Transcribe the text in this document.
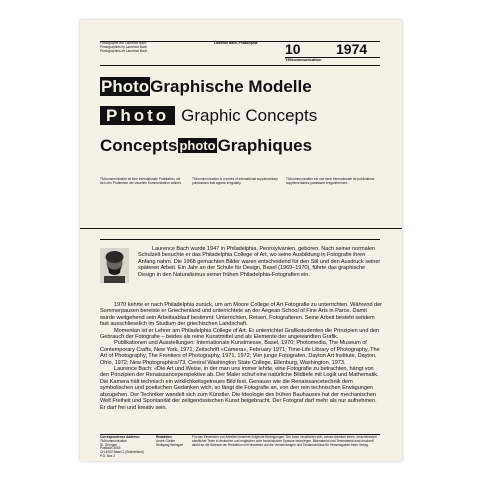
Photographs von Laurence Bach
Photographies by Laurence Bach
Photographies de Laurence Bach
Laurence Bach, Philadelphia 10	1974
TM/communication
Photo Graphische Modelle
Photo Graphic Concepts
Concepts photo Graphiques
TM/communication ist eine internationale Publikation, die sich den Problemen der visuellen Kommunikation widmet.
TM/communication is a series of international supplementary publications that appear irregularly.
TM/communication est une série internationale de publications supplémentaires paraissant irrégulièrement.

Laurence Bach wurde 1947 in Philadelphia, Pennsylvanien, geboren. Nach seiner normalen Schulzeit besuchte er das Philadelphia College of Art, wo seine Ausbildung in Fotografie ihren Anfang nahm. Die 1968 gemachten Bilder waren entscheidend für den Stil und den Ausdruck seiner späteren Arbeit. Ein Jahr an der Schule für Design, Basel (1969–1970), führte das graphische Design in den Naturalismus seiner frühen Philadelphia-Fotografien ein.

1970 kehrte er nach Philadelphia zurück, um am Moore College of Art Fotografie zu unterrichten. Während der Sommerpausen bereiste er Griechenland und unterrichtete an der Aegean School of Fine Arts in Paros. Damit wurde weitgehend sein Arbeitsablauf bestimmt: Unterrichten, Reisen, Fotografieren. Seine Arbeit besteht seitdem fast ausschliesslich im Studium der griechischen Landschaft.

Momentan ist er Lehrer am Philadelphia College of Art. Er unterrichtet Grafikstudenten die Prinzipien und den Gebrauch der Fotografie – beides als reine Kunstmittel und als Elemente der angewandten Grafik.

Publikationen und Ausstellungen: Internationale Kunstmesse, Basel, 1970; Photomedia, The Museum of Contemporary Crafts, New York, 1971; Zeitschrift «Camera», February 1971; Time-Life Library of Photography, The Art of Photography, The Frontiers of Photography, 1971, 1972; Vier junge Fotografen, Dayton Art Institute, Dayton, Ohio, 1972; New Photographics/73, Central Washington State College, Ellenburg, Washington, 1973.

Laurence Bach: «Die Art und Weise, in der man uns immer lehrte, eine Fotografie zu betrachten, hängt von den Prinzipien der Renaissanceperspektive ab. Der Maler schuf eine natürliche Bildtiefe mit Logik und Mathematik. Die Kamera hält technisch ein wirklichkeitsgetreues Bild fest. Genauso wie die Renaissancetechnik dem symbolischen und poetischen Gedanken wich, so fängt die Fotografie an, von den rein technischen Erwägungen abzugehen. Der Techniker wandelt sich zum Künstler. Die Ideologie des frühen Bauhauses hat der mechanischen Welt Freiheit und Spontanität der zeitgenössischen Kunst beigebracht. Der Fotograf darf mehr als nur aufnehmen. Er darf frei und kreativ sein.

Correspondence Address:
TM/communication
St. Georgen
Postfach 3003
CH-4002 Basel 1 (Switzerland)
P.O. Box 2
Redaktion:
André Gürtler
Wolfgang Weingart
Für das Einsenden von Arbeiten bestehen folgende Bedingungen: Der Autor verpflichtet sich, seinen Arbeiten einen, einschliesslich sämtlicher Texte in deutscher und englischer oder französischer Sprache beizulegen. Bildmaterial und Textmaterial sind druckreif direkt an die Adresse der Redaktion mit Hinweisen auf die Verwendungen und Textanschlüsse für Hinweisgaben beim Verlag.
